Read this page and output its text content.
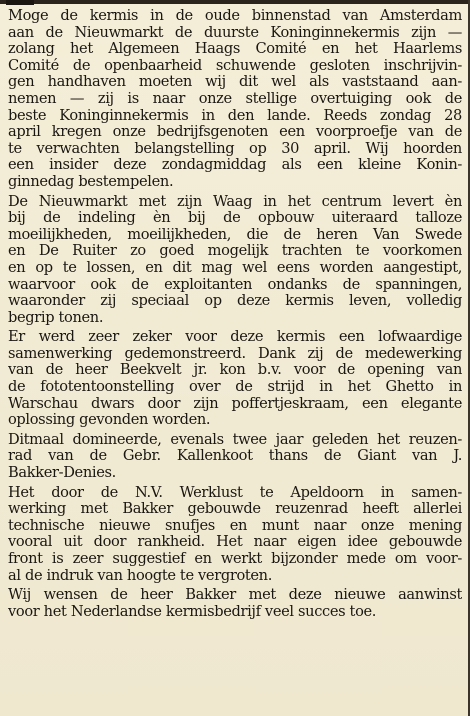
Moge de kermis in de oude binnenstad van Amsterdam
aan de Nieuwmarkt de duurste Koninginnekermis zijn —
zolang het Algemeen Haags Comité en het Haarlems
Comité de openbaarheid schuwende gesloten inschrijvin-
gen handhaven moeten wij dit wel als vaststaand aan-
nemen — zij is naar onze stellige overtuiging ook de
beste Koninginnekermis in den lande. Reeds zondag 28
april kregen onze bedrijfsgenoten een voorproefje van de
te verwachten belangstelling op 30 april. Wij hoorden
een insider deze zondagmiddag als een kleine Konin-
ginnedag bestempelen.

De Nieuwmarkt met zijn Waag in het centrum levert èn
bij de indeling èn bij de opbouw uiteraard talloze
moeilijkheden, moeilijkheden, die de heren Van Swede
en De Ruiter zo goed mogelijk trachten te voorkomen
en op te lossen, en dit mag wel eens worden aangestipt,
waarvoor ook de exploitanten ondanks de spanningen,
waaronder zij speciaal op deze kermis leven, volledig
begrip tonen.

Er werd zeer zeker voor deze kermis een lofwaardige
samenwerking gedemonstreerd. Dank zij de medewerking
van de heer Beekvelt jr. kon b.v. voor de opening van
de fototentoonstelling over de strijd in het Ghetto in
Warschau dwars door zijn poffertjeskraam, een elegante
oplossing gevonden worden.

Ditmaal domineerde, evenals twee jaar geleden het reuzen-
rad van de Gebr. Kallenkoot thans de Giant van J.
Bakker-Denies.

Het door de N.V. Werklust te Apeldoorn in samen-
werking met Bakker gebouwde reuzenrad heeft allerlei
technische nieuwe snufjes en munt naar onze mening
vooral uit door rankheid. Het naar eigen idee gebouwde
front is zeer suggestief en werkt bijzonder mede om voor-
al de indruk van hoogte te vergroten.

Wij wensen de heer Bakker met deze nieuwe aanwinst
voor het Nederlandse kermisbedrijf veel succes toe.
